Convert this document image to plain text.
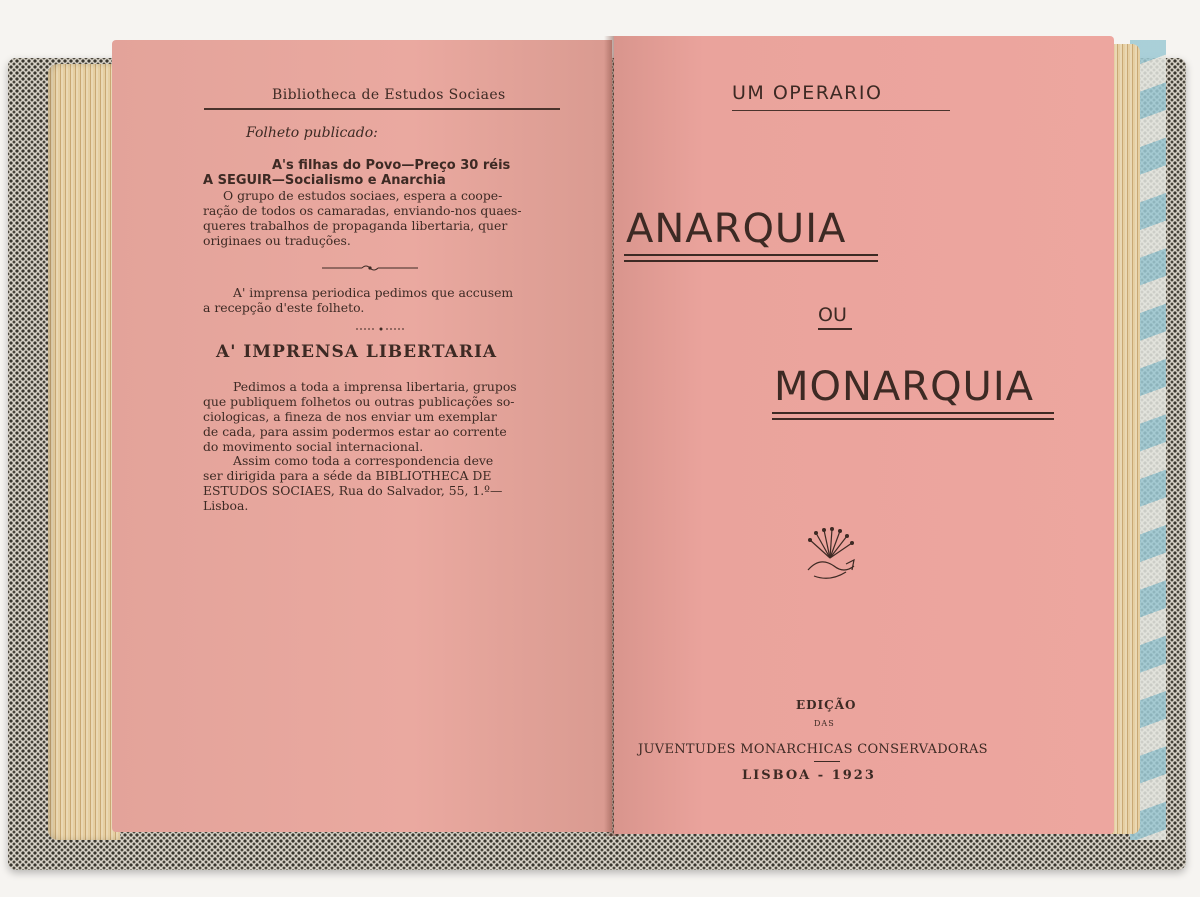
Bibliotheca de Estudos Sociaes

Folheto publicado:

A's filhas do Povo—Preço 30 réis

A SEGUIR—Socialismo e Anarchia

O grupo de estudos sociaes, espera a coope-
ração de todos os camaradas, enviando-nos quaes-
queres trabalhos de propaganda libertaria, quer
originaes ou traduções.
A' imprensa periodica pedimos que accusem
a recepção d'este folheto.

A' IMPRENSA LIBERTARIA

Pedimos a toda a imprensa libertaria, grupos
que publiquem folhetos ou outras publicações so-
ciologicas, a fineza de nos enviar um exemplar
de cada, para assim podermos estar ao corrente
do movimento social internacional.
Assim como toda a correspondencia deve
ser dirigida para a séde da BIBLIOTHECA DE
ESTUDOS SOCIAES, Rua do Salvador, 55, 1.º—
Lisboa.

UM OPERARIO

ANARQUIA

OU

MONARQUIA

EDIÇÃO

DAS

JUVENTUDES MONARCHICAS CONSERVADORAS

LISBOA - 1923
